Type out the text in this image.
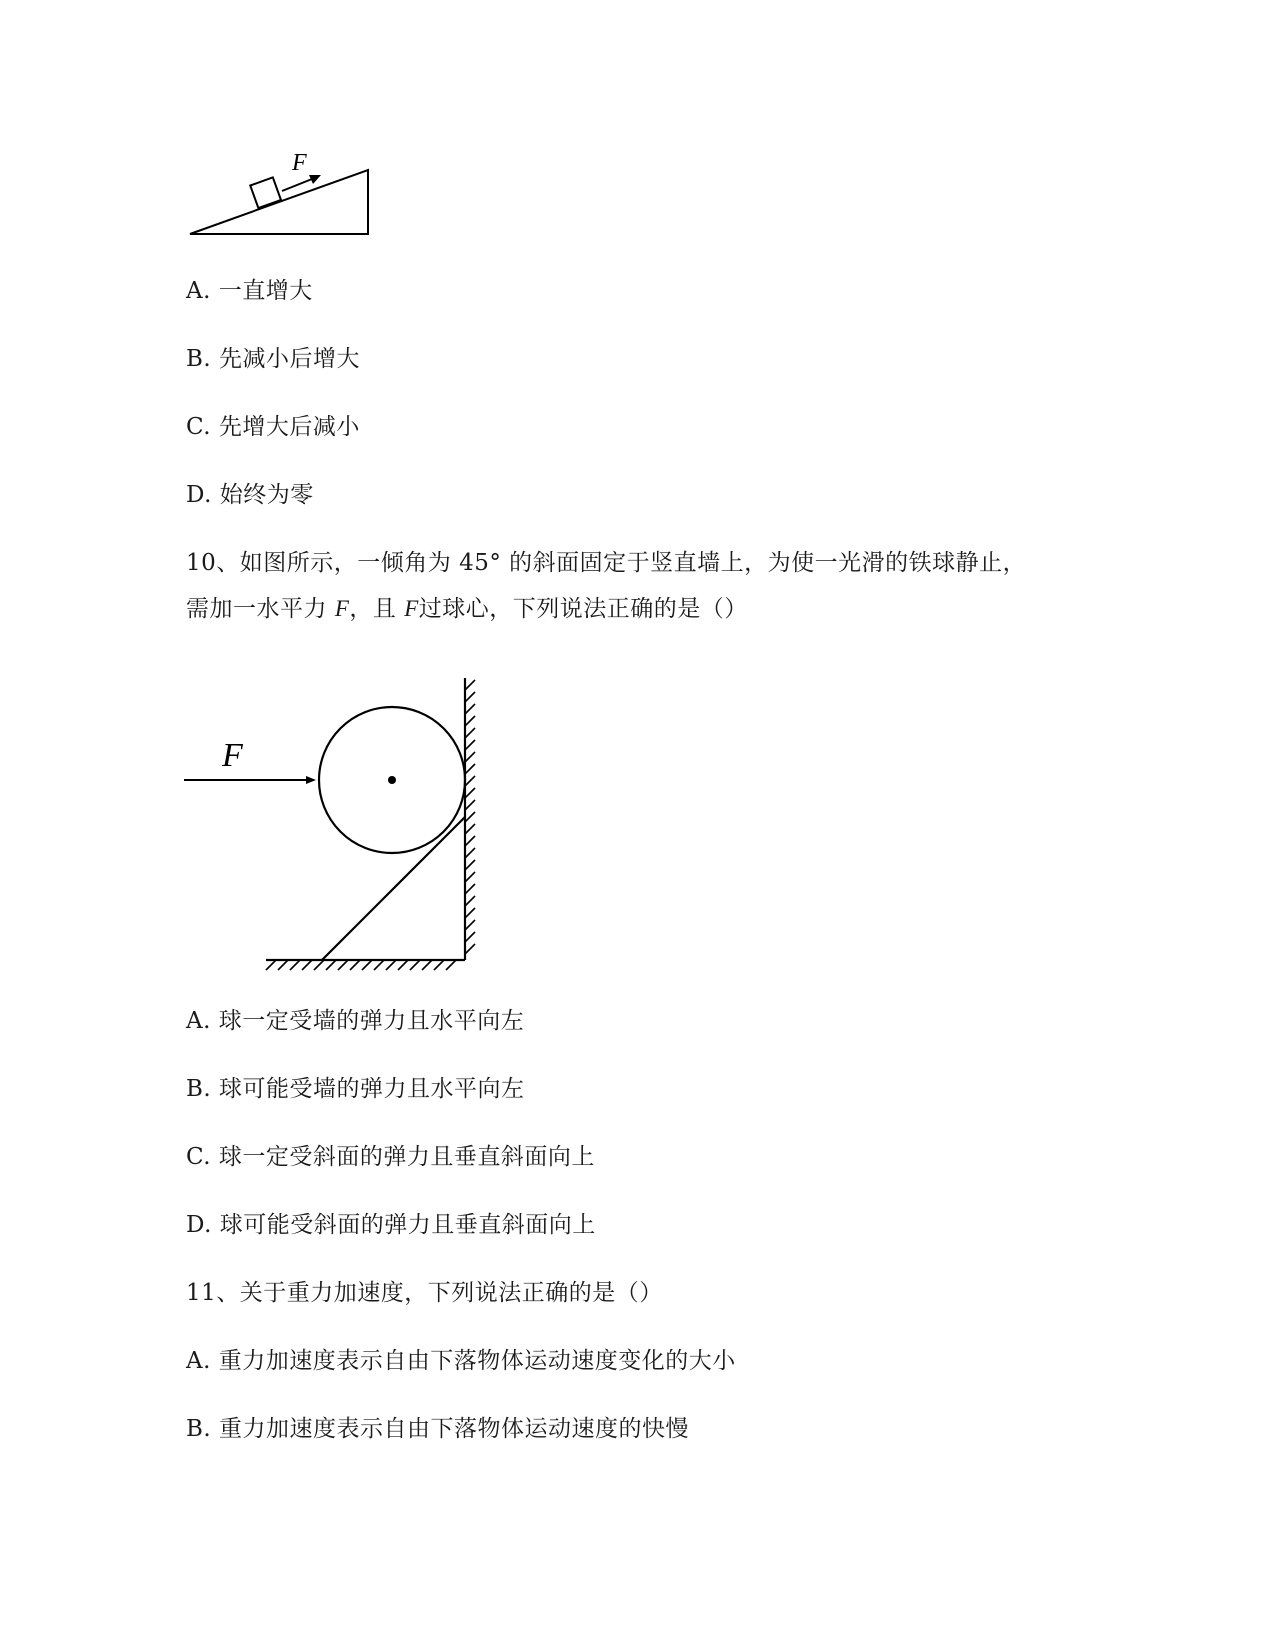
F
A. 一直增大
B. 先减小后增大
C. 先增大后减小
D. 始终为零
10、如图所示，一倾角为 45° 的斜面固定于竖直墙上，为使一光滑的铁球静止，
需加一水平力 F，且 F过球心，下列说法正确的是（）
F
A. 球一定受墙的弹力且水平向左
B. 球可能受墙的弹力且水平向左
C. 球一定受斜面的弹力且垂直斜面向上
D. 球可能受斜面的弹力且垂直斜面向上
11、关于重力加速度，下列说法正确的是（）
A. 重力加速度表示自由下落物体运动速度变化的大小
B. 重力加速度表示自由下落物体运动速度的快慢
